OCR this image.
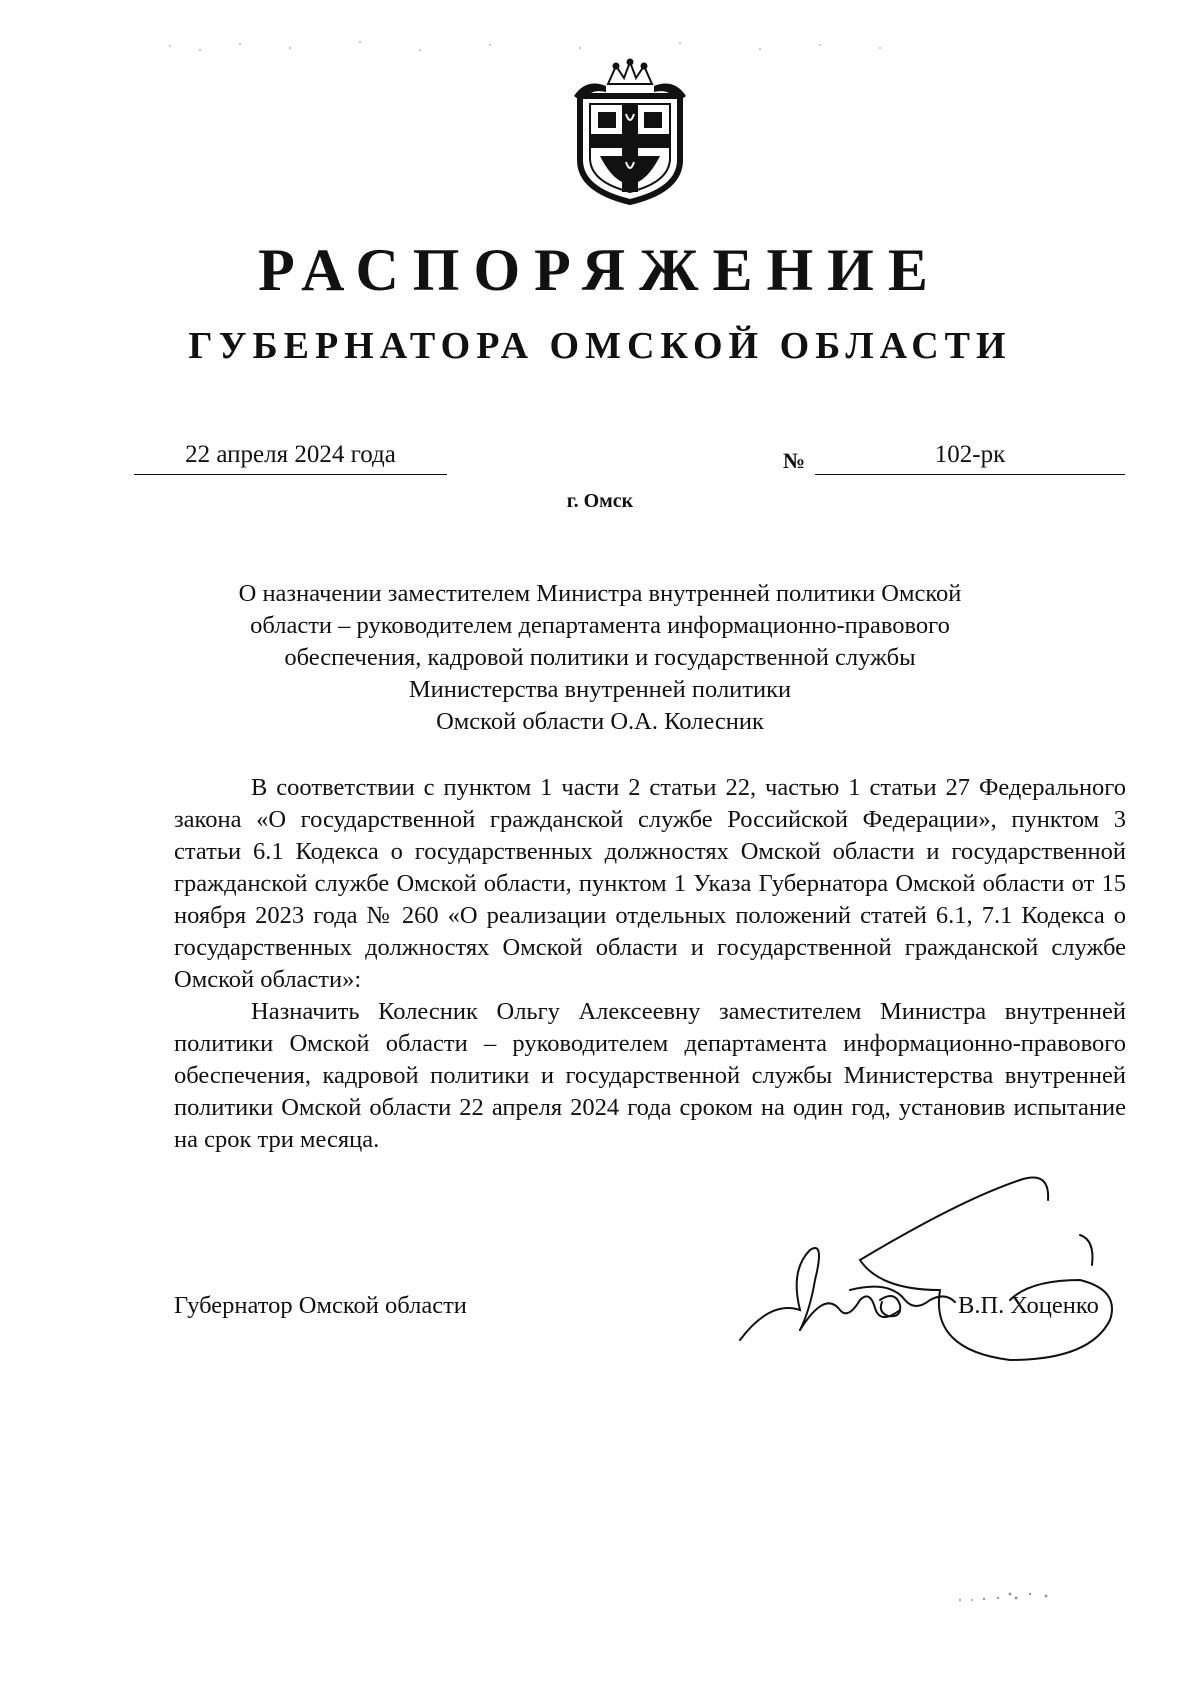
РАСПОРЯЖЕНИЕ
ГУБЕРНАТОРА ОМСКОЙ ОБЛАСТИ
22 апреля 2024 года	№	102-рк
г. Омск
О назначении заместителем Министра внутренней политики Омской
области – руководителем департамента информационно-правового
обеспечения, кадровой политики и государственной службы
Министерства внутренней политики
Омской области О.А. Колесник

В соответствии с пунктом 1 части 2 статьи 22, частью 1 статьи 27 Федерального закона «О государственной гражданской службе Российской Федерации», пунктом 3 статьи 6.1 Кодекса о государственных должностях Омской области и государственной гражданской службе Омской области, пунктом 1 Указа Губернатора Омской области от 15 ноября 2023 года № 260 «О реализации отдельных положений статей 6.1, 7.1 Кодекса о государственных должностях Омской области и государственной гражданской службе Омской области»:

Назначить Колесник Ольгу Алексеевну заместителем Министра внутренней политики Омской области – руководителем департамента информационно-правового обеспечения, кадровой политики и государственной службы Министерства внутренней политики Омской области 22 апреля 2024 года сроком на один год, установив испытание на срок три месяца.

Губернатор Омской области	В.П. Хоценко
